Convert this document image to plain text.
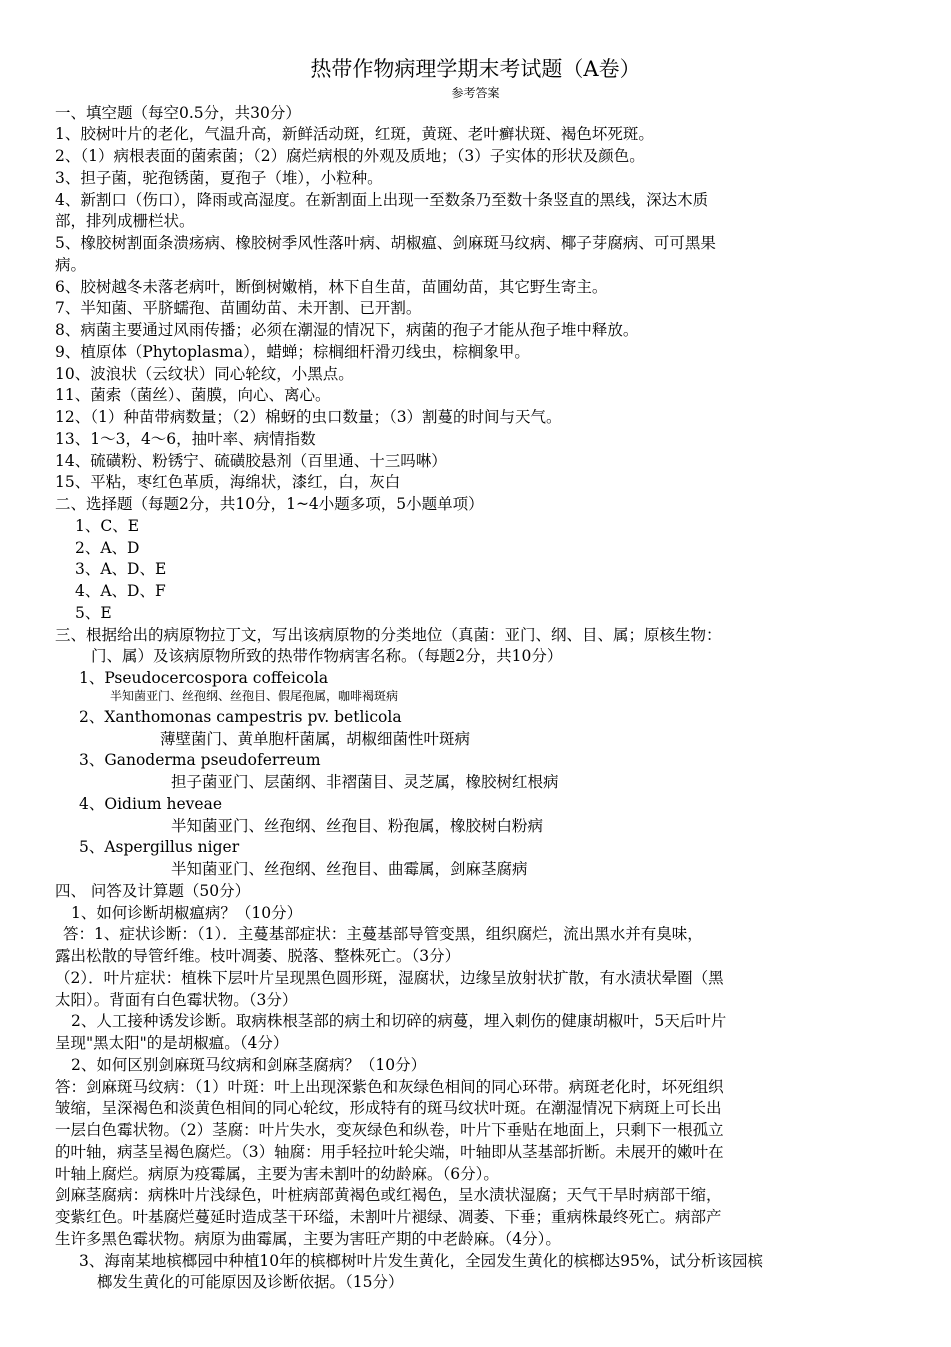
热带作物病理学期末考试题（A卷）
参考答案
一、填空题（每空0.5分，共30分）
1、胶树叶片的老化，气温升高，新鲜活动斑，红斑，黄斑、老叶癣状斑、褐色坏死斑。
2、（1）病根表面的菌索菌；（2）腐烂病根的外观及质地；（3）子实体的形状及颜色。
3、担子菌，驼孢锈菌，夏孢子（堆），小粒种。
4、新割口（伤口），降雨或高湿度。在新割面上出现一至数条乃至数十条竖直的黑线，深达木质
部，排列成栅栏状。
5、橡胶树割面条溃疡病、橡胶树季风性落叶病、胡椒瘟、剑麻斑马纹病、椰子芽腐病、可可黑果
病。
6、胶树越冬未落老病叶，断倒树嫩梢，林下自生苗，苗圃幼苗，其它野生寄主。
7、半知菌、平脐蠕孢、苗圃幼苗、未开割、已开割。
8、病菌主要通过风雨传播；必须在潮湿的情况下，病菌的孢子才能从孢子堆中释放。
9、植原体（Phytoplasma），蜡蝉；棕榈细杆滑刃线虫，棕榈象甲。
10、波浪状（云纹状）同心轮纹，小黑点。
11、菌索（菌丝）、菌膜，向心、离心。
12、（1）种苗带病数量；（2）棉蚜的虫口数量；（3）割蔓的时间与天气。
13、1～3，4～6，抽叶率、病情指数
14、硫磺粉、粉锈宁、硫磺胶悬剂（百里通、十三吗啉）
15、平粘，枣红色革质，海绵状，漆红，白，灰白
二、选择题（每题2分，共10分，1~4小题多项，5小题单项）
1、C、E
2、A、D
3、A、D、E
4、A、D、F
5、E
三、根据给出的病原物拉丁文，写出该病原物的分类地位（真菌：亚门、纲、目、属；原核生物：
门、属）及该病原物所致的热带作物病害名称。（每题2分，共10分）
1、Pseudocercospora coffeicola
半知菌亚门、丝孢纲、丝孢目、假尾孢属，咖啡褐斑病
2、Xanthomonas campestris pv. betlicola
薄壁菌门、黄单胞杆菌属，胡椒细菌性叶斑病
3、Ganoderma pseudoferreum
担子菌亚门、层菌纲、非褶菌目、灵芝属，橡胶树红根病
4、Oidium heveae
半知菌亚门、丝孢纲、丝孢目、粉孢属，橡胶树白粉病
5、Aspergillus niger
半知菌亚门、丝孢纲、丝孢目、曲霉属，剑麻茎腐病
四、 问答及计算题（50分）
1、如何诊断胡椒瘟病？（10分）
答：1、症状诊断：（1）．主蔓基部症状：主蔓基部导管变黑，组织腐烂，流出黑水并有臭味，
露出松散的导管纤维。枝叶凋萎、脱落、整株死亡。（3分）
（2）．叶片症状：植株下层叶片呈现黑色圆形斑，湿腐状，边缘呈放射状扩散，有水渍状晕圈（黑
太阳）。背面有白色霉状物。（3分）
2、人工接种诱发诊断。取病株根茎部的病土和切碎的病蔓，埋入刺伤的健康胡椒叶，5天后叶片
呈现"黑太阳"的是胡椒瘟。（4分）
2、如何区别剑麻斑马纹病和剑麻茎腐病？（10分）
答：剑麻斑马纹病：（1）叶斑：叶上出现深紫色和灰绿色相间的同心环带。病斑老化时，坏死组织
皱缩，呈深褐色和淡黄色相间的同心轮纹，形成特有的斑马纹状叶斑。在潮湿情况下病斑上可长出
一层白色霉状物。（2）茎腐：叶片失水，变灰绿色和纵卷，叶片下垂贴在地面上，只剩下一根孤立
的叶轴，病茎呈褐色腐烂。（3）轴腐：用手轻拉叶轮尖端，叶轴即从茎基部折断。未展开的嫩叶在
叶轴上腐烂。病原为疫霉属，主要为害未割叶的幼龄麻。（6分）。
剑麻茎腐病：病株叶片浅绿色，叶桩病部黄褐色或红褐色，呈水渍状湿腐；天气干旱时病部干缩，
变紫红色。叶基腐烂蔓延时造成茎干环缢，未割叶片褪绿、凋萎、下垂；重病株最终死亡。病部产
生许多黑色霉状物。病原为曲霉属，主要为害旺产期的中老龄麻。（4分）。
3、海南某地槟榔园中种植10年的槟榔树叶片发生黄化，全园发生黄化的槟榔达95%，试分析该园槟
榔发生黄化的可能原因及诊断依据。（15分）
